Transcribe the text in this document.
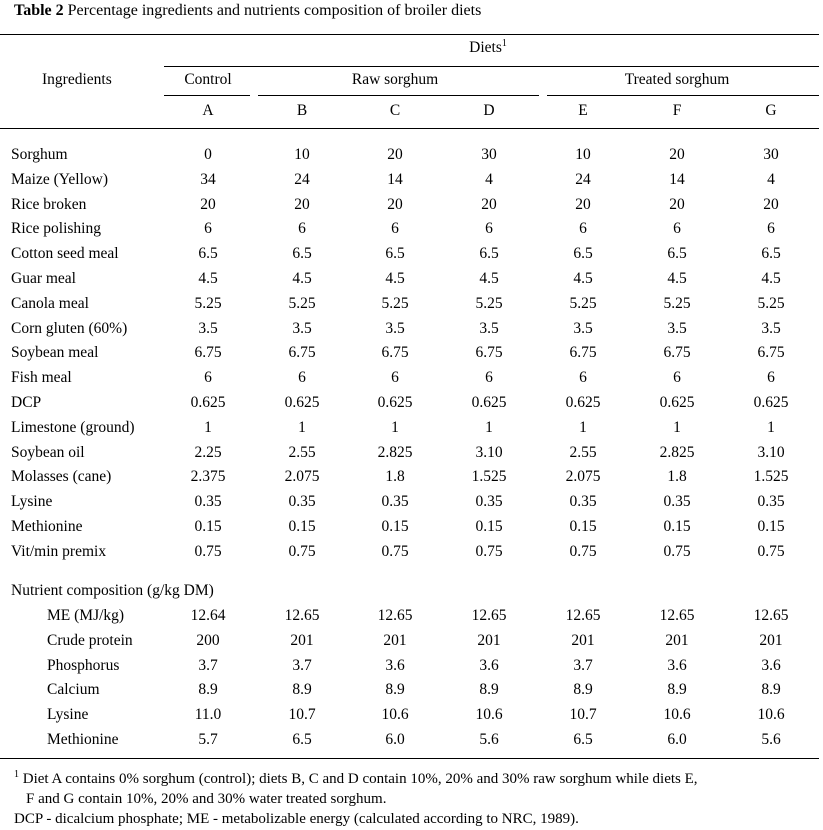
Table 2 Percentage ingredients and nutrients composition of broiler diets
Ingredients
Diets$^1$
Control	Raw sorghum	Treated sorghum
A	B	C	D	E	F	G
Sorghum	0	10	20	30	10	20	30
Maize (Yellow)	34	24	14	4	24	14	4
Rice broken	20	20	20	20	20	20	20
Rice polishing	6	6	6	6	6	6	6
Cotton seed meal	6.5	6.5	6.5	6.5	6.5	6.5	6.5
Guar meal	4.5	4.5	4.5	4.5	4.5	4.5	4.5
Canola meal	5.25	5.25	5.25	5.25	5.25	5.25	5.25
Corn gluten (60%)	3.5	3.5	3.5	3.5	3.5	3.5	3.5
Soybean meal	6.75	6.75	6.75	6.75	6.75	6.75	6.75
Fish meal	6	6	6	6	6	6	6
DCP	0.625	0.625	0.625	0.625	0.625	0.625	0.625
Limestone (ground)	1	1	1	1	1	1	1
Soybean oil	2.25	2.55	2.825	3.10	2.55	2.825	3.10
Molasses (cane)	2.375	2.075	1.8	1.525	2.075	1.8	1.525
Lysine	0.35	0.35	0.35	0.35	0.35	0.35	0.35
Methionine	0.15	0.15	0.15	0.15	0.15	0.15	0.15
Vit/min premix	0.75	0.75	0.75	0.75	0.75	0.75	0.75
Nutrient composition (g/kg DM)
ME (MJ/kg)	12.64	12.65	12.65	12.65	12.65	12.65	12.65
Crude protein	200	201	201	201	201	201	201
Phosphorus	3.7	3.7	3.6	3.6	3.7	3.6	3.6
Calcium	8.9	8.9	8.9	8.9	8.9	8.9	8.9
Lysine	11.0	10.7	10.6	10.6	10.7	10.6	10.6
Methionine	5.7	6.5	6.0	5.6	6.5	6.0	5.6
$^1$ Diet A contains 0% sorghum (control); diets B, C and D contain 10%, 20% and 30% raw sorghum while diets E,
F and G contain 10%, 20% and 30% water treated sorghum.
DCP - dicalcium phosphate; ME - metabolizable energy (calculated according to NRC, 1989).
